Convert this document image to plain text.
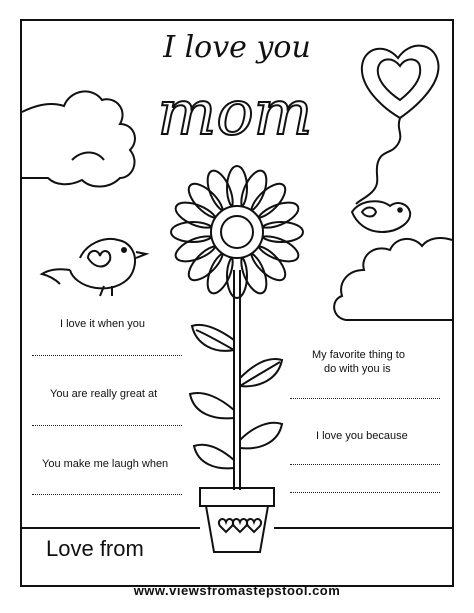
I love you
mom
I love it when you
You are really great at
You make me laugh when
My favorite thing to
do with you is
I love you because
Love from
www.viewsfromastepstool.com
